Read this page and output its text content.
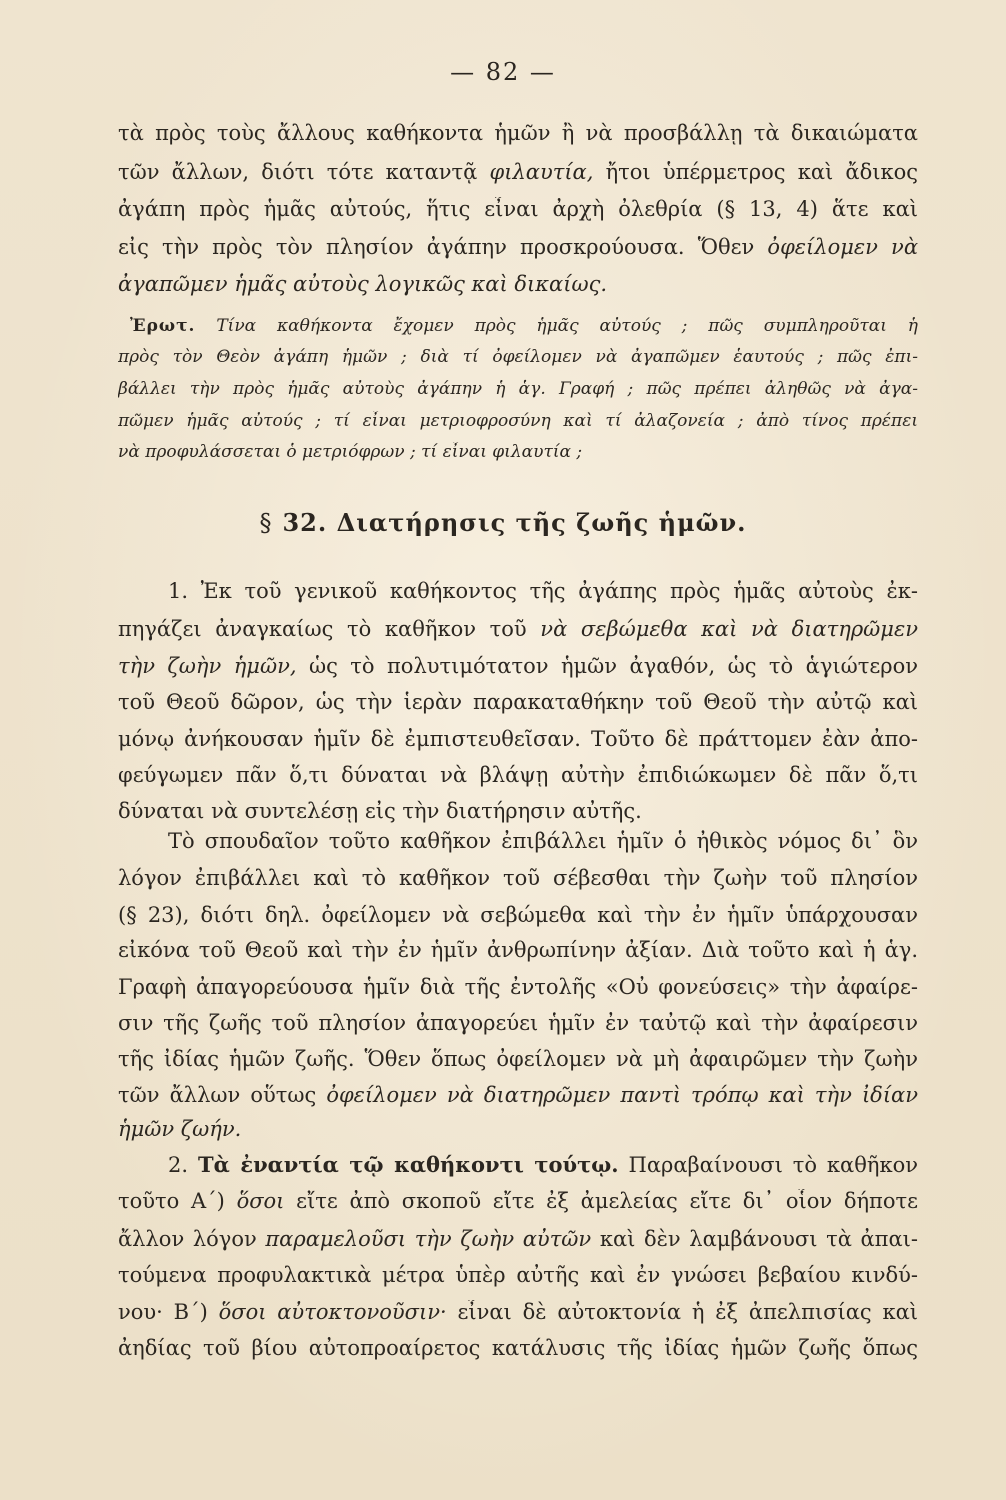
— 82 —
τὰ πρὸς τοὺς ἄλλους καθήκοντα ἡμῶν ἢ νὰ προσβάλλῃ τὰ δικαιώματα
τῶν ἄλλων, διότι τότε καταντᾷ φιλαυτία, ἤτοι ὑπέρμετρος καὶ ἄδικος
ἀγάπη πρὸς ἡμᾶς αὐτούς, ἥτις εἶναι ἀρχὴ ὀλεθρία (§ 13, 4) ἅτε καὶ
εἰς τὴν πρὸς τὸν πλησίον ἀγάπην προσκρούουσα. Ὅθεν ὀφείλομεν νὰ
ἀγαπῶμεν ἡμᾶς αὐτοὺς λογικῶς καὶ δικαίως.
Ἐρωτ. Τίνα καθήκοντα ἔχομεν πρὸς ἡμᾶς αὐτούς ; πῶς συμπληροῦται ἡ
πρὸς τὸν Θεὸν ἀγάπη ἡμῶν ; διὰ τί ὀφείλομεν νὰ ἀγαπῶμεν ἑαυτούς ; πῶς ἐπι-
βάλλει τὴν πρὸς ἡμᾶς αὐτοὺς ἀγάπην ἡ ἁγ. Γραφή ; πῶς πρέπει ἀληθῶς νὰ ἀγα-
πῶμεν ἡμᾶς αὐτούς ; τί εἶναι μετριοφροσύνη καὶ τί ἀλαζονεία ; ἀπὸ τίνος πρέπει
νὰ προφυλάσσεται ὁ μετριόφρων ; τί εἶναι φιλαυτία ;
§ 32. Διατήρησις τῆς ζωῆς ἡμῶν.
1. Ἐκ τοῦ γενικοῦ καθήκοντος τῆς ἀγάπης πρὸς ἡμᾶς αὐτοὺς ἐκ-
πηγάζει ἀναγκαίως τὸ καθῆκον τοῦ νὰ σεβώμεθα καὶ νὰ διατηρῶμεν
τὴν ζωὴν ἡμῶν, ὡς τὸ πολυτιμότατον ἡμῶν ἀγαθόν, ὡς τὸ ἁγιώτερον
τοῦ Θεοῦ δῶρον, ὡς τὴν ἱερὰν παρακαταθήκην τοῦ Θεοῦ τὴν αὐτῷ καὶ
μόνῳ ἀνήκουσαν ἡμῖν δὲ ἐμπιστευθεῖσαν. Τοῦτο δὲ πράττομεν ἐὰν ἀπο-
φεύγωμεν πᾶν ὅ,τι δύναται νὰ βλάψῃ αὐτὴν ἐπιδιώκωμεν δὲ πᾶν ὅ,τι
δύναται νὰ συντελέσῃ εἰς τὴν διατήρησιν αὐτῆς.
Τὸ σπουδαῖον τοῦτο καθῆκον ἐπιβάλλει ἡμῖν ὁ ἠθικὸς νόμος δι᾽ ὃν
λόγον ἐπιβάλλει καὶ τὸ καθῆκον τοῦ σέβεσθαι τὴν ζωὴν τοῦ πλησίον
(§ 23), διότι δηλ. ὀφείλομεν νὰ σεβώμεθα καὶ τὴν ἐν ἡμῖν ὑπάρχουσαν
εἰκόνα τοῦ Θεοῦ καὶ τὴν ἐν ἡμῖν ἀνθρωπίνην ἀξίαν. Διὰ τοῦτο καὶ ἡ ἁγ.
Γραφὴ ἀπαγορεύουσα ἡμῖν διὰ τῆς ἐντολῆς «Οὐ φονεύσεις» τὴν ἀφαίρε-
σιν τῆς ζωῆς τοῦ πλησίον ἀπαγορεύει ἡμῖν ἐν ταὐτῷ καὶ τὴν ἀφαίρεσιν
τῆς ἰδίας ἡμῶν ζωῆς. Ὅθεν ὅπως ὀφείλομεν νὰ μὴ ἀφαιρῶμεν τὴν ζωὴν
τῶν ἄλλων οὕτως ὀφείλομεν νὰ διατηρῶμεν παντὶ τρόπῳ καὶ τὴν ἰδίαν
ἡμῶν ζωήν.
2. Τὰ ἐναντία τῷ καθήκοντι τούτῳ. Παραβαίνουσι τὸ καθῆκον
τοῦτο Α΄) ὅσοι εἴτε ἀπὸ σκοποῦ εἴτε ἐξ ἀμελείας εἴτε δι᾽ οἷον δήποτε
ἄλλον λόγον παραμελοῦσι τὴν ζωὴν αὐτῶν καὶ δὲν λαμβάνουσι τὰ ἀπαι-
τούμενα προφυλακτικὰ μέτρα ὑπὲρ αὐτῆς καὶ ἐν γνώσει βεβαίου κινδύ-
νου· Β΄) ὅσοι αὐτοκτονοῦσιν· εἶναι δὲ αὐτοκτονία ἡ ἐξ ἀπελπισίας καὶ
ἀηδίας τοῦ βίου αὐτοπροαίρετος κατάλυσις τῆς ἰδίας ἡμῶν ζωῆς ὅπως
